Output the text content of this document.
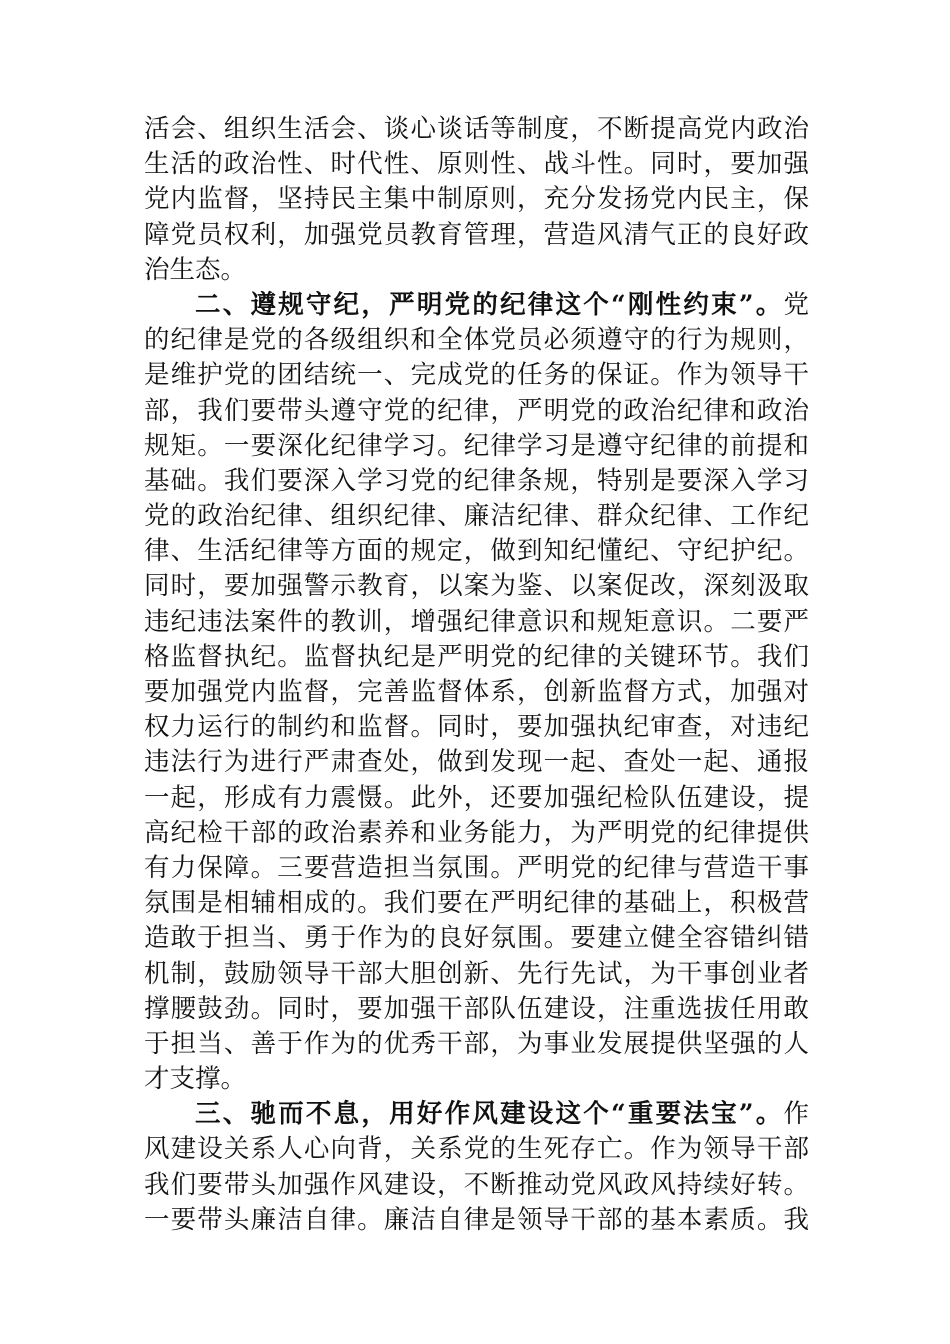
活会、组织生活会、谈心谈话等制度，不断提高党内政治
生活的政治性、时代性、原则性、战斗性。同时，要加强
党内监督，坚持民主集中制原则，充分发扬党内民主，保
障党员权利，加强党员教育管理，营造风清气正的良好政
治生态。
二、遵规守纪，严明党的纪律这个“刚性约束”。党
的纪律是党的各级组织和全体党员必须遵守的行为规则，
是维护党的团结统一、完成党的任务的保证。作为领导干
部，我们要带头遵守党的纪律，严明党的政治纪律和政治
规矩。一要深化纪律学习。纪律学习是遵守纪律的前提和
基础。我们要深入学习党的纪律条规，特别是要深入学习
党的政治纪律、组织纪律、廉洁纪律、群众纪律、工作纪
律、生活纪律等方面的规定，做到知纪懂纪、守纪护纪。
同时，要加强警示教育，以案为鉴、以案促改，深刻汲取
违纪违法案件的教训，增强纪律意识和规矩意识。二要严
格监督执纪。监督执纪是严明党的纪律的关键环节。我们
要加强党内监督，完善监督体系，创新监督方式，加强对
权力运行的制约和监督。同时，要加强执纪审查，对违纪
违法行为进行严肃查处，做到发现一起、查处一起、通报
一起，形成有力震慑。此外，还要加强纪检队伍建设，提
高纪检干部的政治素养和业务能力，为严明党的纪律提供
有力保障。三要营造担当氛围。严明党的纪律与营造干事
氛围是相辅相成的。我们要在严明纪律的基础上，积极营
造敢于担当、勇于作为的良好氛围。要建立健全容错纠错
机制，鼓励领导干部大胆创新、先行先试，为干事创业者
撑腰鼓劲。同时，要加强干部队伍建设，注重选拔任用敢
于担当、善于作为的优秀干部，为事业发展提供坚强的人
才支撑。
三、驰而不息，用好作风建设这个“重要法宝”。作
风建设关系人心向背，关系党的生死存亡。作为领导干部
我们要带头加强作风建设，不断推动党风政风持续好转。
一要带头廉洁自律。廉洁自律是领导干部的基本素质。我
